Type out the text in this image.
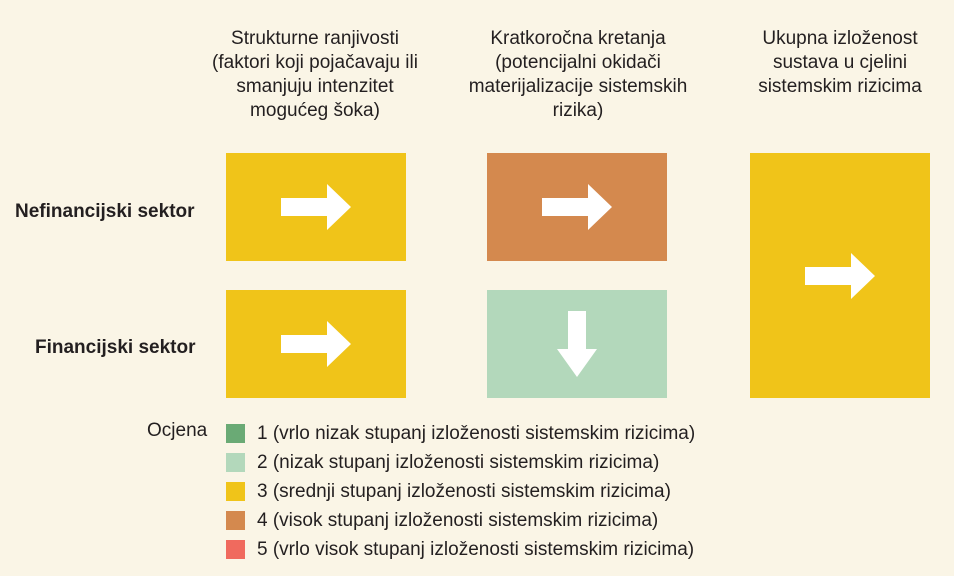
Strukturne ranjivosti (faktori koji pojačavaju ili smanjuju intenzitet mogućeg šoka)
Kratkoročna kretanja (potencijalni okidači materijalizacije sistemskih rizika)
Ukupna izloženost sustava u cjelini sistemskim rizicima
Nefinancijski sektor
Financijski sektor
Ocjena	1 (vrlo nizak stupanj izloženosti sistemskim rizicima)
2 (nizak stupanj izloženosti sistemskim rizicima)
3 (srednji stupanj izloženosti sistemskim rizicima)
4 (visok stupanj izloženosti sistemskim rizicima)
5 (vrlo visok stupanj izloženosti sistemskim rizicima)
